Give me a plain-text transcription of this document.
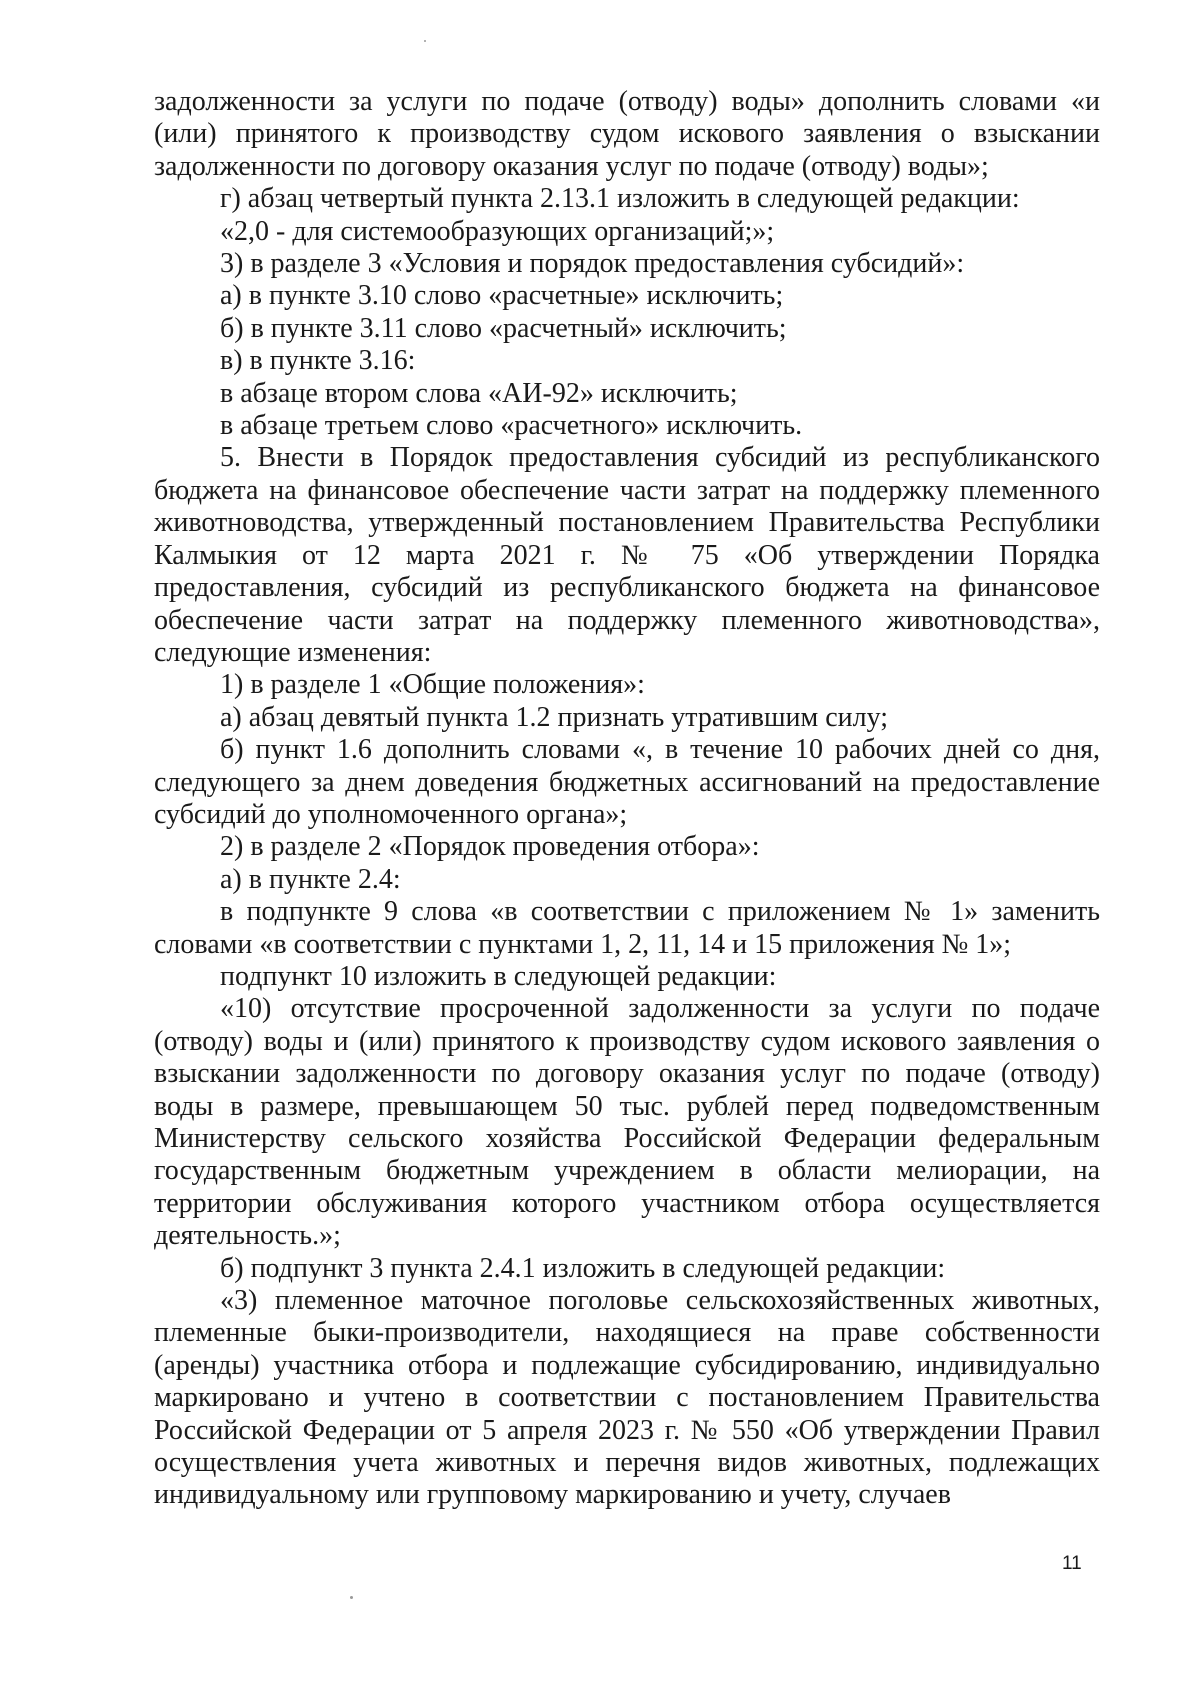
задолженности за услуги по подаче (отводу) воды» дополнить словами «и (или) принятого к производству судом искового заявления о взыскании задолженности по договору оказания услуг по подаче (отводу) воды»;

г) абзац четвертый пункта 2.13.1 изложить в следующей редакции:

«2,0 - для системообразующих организаций;»;

3) в разделе 3 «Условия и порядок предоставления субсидий»:

а) в пункте 3.10 слово «расчетные» исключить;

б) в пункте 3.11 слово «расчетный» исключить;

в) в пункте 3.16:

в абзаце втором слова «АИ-92» исключить;

в абзаце третьем слово «расчетного» исключить.

5. Внести в Порядок предоставления субсидий из республиканского бюджета на финансовое обеспечение части затрат на поддержку племенного животноводства, утвержденный постановлением Правительства Республики Калмыкия от 12 марта 2021 г. № 75 «Об утверждении Порядка предоставления, субсидий из республиканского бюджета на финансовое обеспечение части затрат на поддержку племенного животноводства», следующие изменения:

1) в разделе 1 «Общие положения»:

а) абзац девятый пункта 1.2 признать утратившим силу;

б) пункт 1.6 дополнить словами «, в течение 10 рабочих дней со дня, следующего за днем доведения бюджетных ассигнований на предоставление субсидий до уполномоченного органа»;

2) в разделе 2 «Порядок проведения отбора»:

а) в пункте 2.4:

в подпункте 9 слова «в соответствии с приложением № 1» заменить словами «в соответствии с пунктами 1, 2, 11, 14 и 15 приложения № 1»;

подпункт 10 изложить в следующей редакции:

«10) отсутствие просроченной задолженности за услуги по подаче (отводу) воды и (или) принятого к производству судом искового заявления о взыскании задолженности по договору оказания услуг по подаче (отводу) воды в размере, превышающем 50 тыс. рублей перед подведомственным Министерству сельского хозяйства Российской Федерации федеральным государственным бюджетным учреждением в области мелиорации, на территории обслуживания которого участником отбора осуществляется деятельность.»;

б) подпункт 3 пункта 2.4.1 изложить в следующей редакции:

«3) племенное маточное поголовье сельскохозяйственных животных, племенные быки-производители, находящиеся на праве собственности (аренды) участника отбора и подлежащие субсидированию, индивидуально маркировано и учтено в соответствии с постановлением Правительства Российской Федерации от 5 апреля 2023 г. № 550 «Об утверждении Правил осуществления учета животных и перечня видов животных, подлежащих индивидуальному или групповому маркированию и учету, случаев

11
